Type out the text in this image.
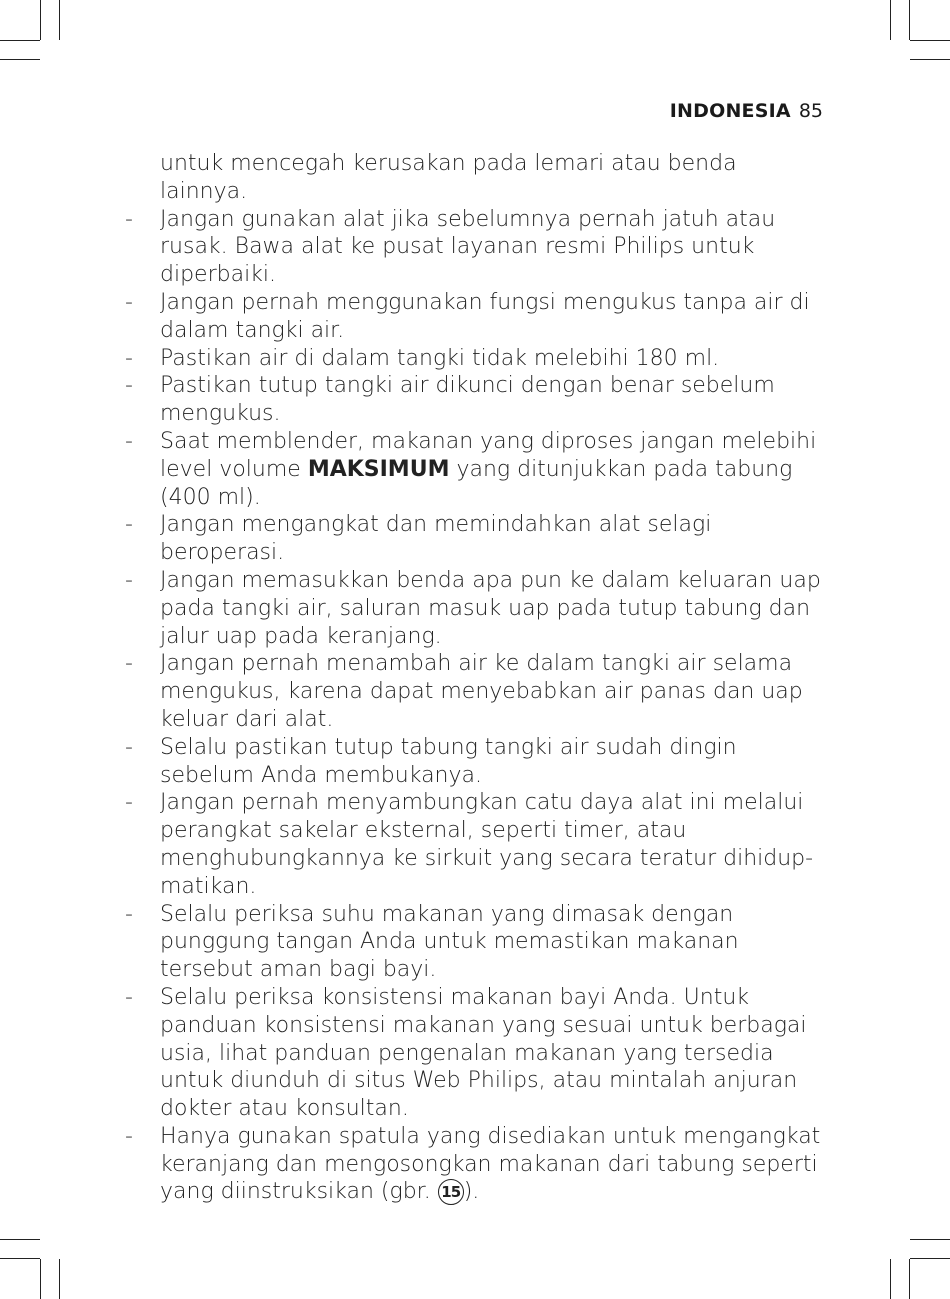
INDONESIA 85
untuk mencegah kerusakan pada lemari atau benda lainnya.
- Jangan gunakan alat jika sebelumnya pernah jatuh atau rusak. Bawa alat ke pusat layanan resmi Philips untuk diperbaiki.
- Jangan pernah menggunakan fungsi mengukus tanpa air di dalam tangki air.
- Pastikan air di dalam tangki tidak melebihi 180 ml.
- Pastikan tutup tangki air dikunci dengan benar sebelum mengukus.
- Saat memblender, makanan yang diproses jangan melebihi level volume MAKSIMUM yang ditunjukkan pada tabung (400 ml).
- Jangan mengangkat dan memindahkan alat selagi beroperasi.
- Jangan memasukkan benda apa pun ke dalam keluaran uap pada tangki air, saluran masuk uap pada tutup tabung dan jalur uap pada keranjang.
- Jangan pernah menambah air ke dalam tangki air selama mengukus, karena dapat menyebabkan air panas dan uap keluar dari alat.
- Selalu pastikan tutup tabung tangki air sudah dingin sebelum Anda membukanya.
- Jangan pernah menyambungkan catu daya alat ini melalui perangkat sakelar eksternal, seperti timer, atau menghubungkannya ke sirkuit yang secara teratur dihidup-matikan.
- Selalu periksa suhu makanan yang dimasak dengan punggung tangan Anda untuk memastikan makanan tersebut aman bagi bayi.
- Selalu periksa konsistensi makanan bayi Anda. Untuk panduan konsistensi makanan yang sesuai untuk berbagai usia, lihat panduan pengenalan makanan yang tersedia untuk diunduh di situs Web Philips, atau mintalah anjuran dokter atau konsultan.
- Hanya gunakan spatula yang disediakan untuk mengangkat keranjang dan mengosongkan makanan dari tabung seperti yang diinstruksikan (gbr. 15 ).
